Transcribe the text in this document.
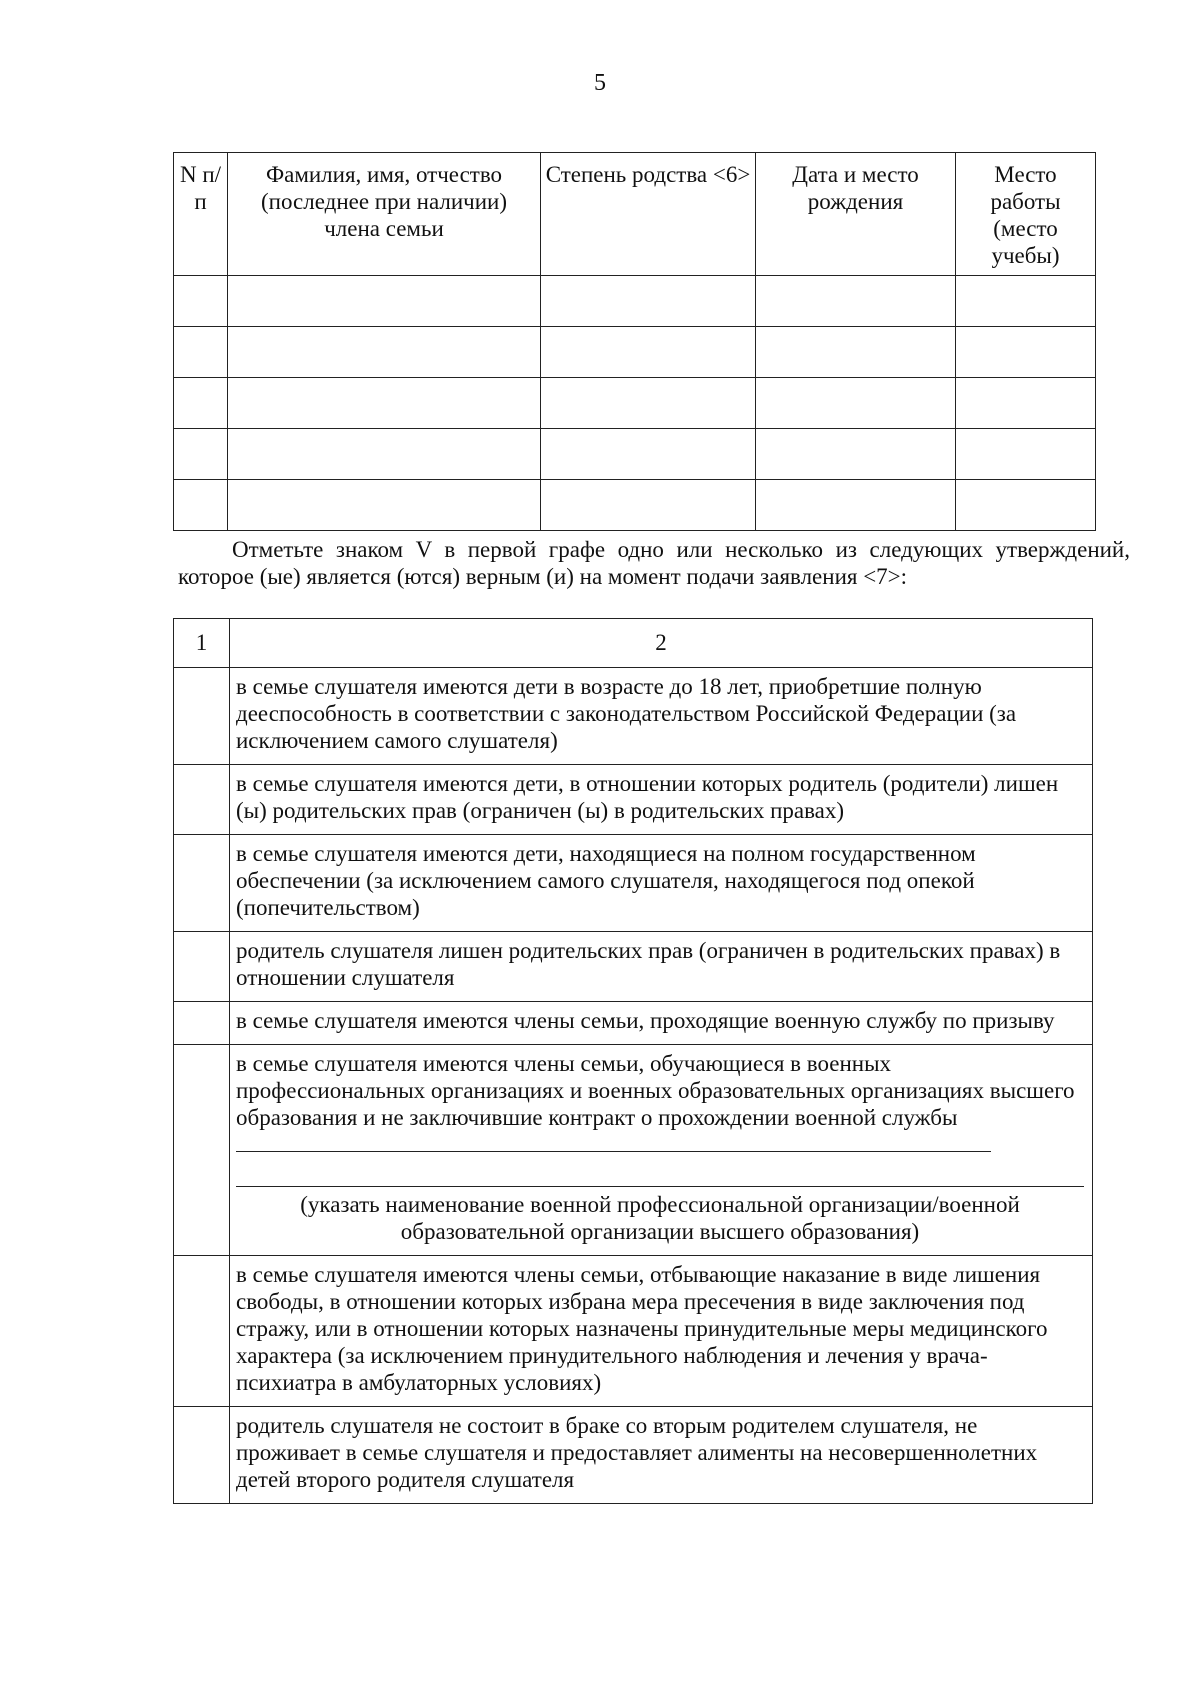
5
N п/п	Фамилия, имя, отчество (последнее при наличии) члена семьи	Степень родства <6>	Дата и место рождения	Место работы (место учебы)

Отметьте знаком V в первой графе одно или несколько из следующих утверждений, которое (ые) является (ются) верным (и) на момент подачи заявления <7>:
1	2
	в семье слушателя имеются дети в возрасте до 18 лет, приобретшие полную дееспособность в соответствии с законодательством Российской Федерации (за исключением самого слушателя)
	в семье слушателя имеются дети, в отношении которых родитель (родители) лишен (ы) родительских прав (ограничен (ы) в родительских правах)
	в семье слушателя имеются дети, находящиеся на полном государственном обеспечении (за исключением самого слушателя, находящегося под опекой (попечительством)
	родитель слушателя лишен родительских прав (ограничен в родительских правах) в отношении слушателя
	в семье слушателя имеются члены семьи, проходящие военную службу по призыву
	в семье слушателя имеются члены семьи, обучающиеся в военных профессиональных организациях и военных образовательных организациях высшего образования и не заключившие контракт о прохождении военной службы
(указать наименование военной профессиональной организации/военной образовательной организации высшего образования)

	в семье слушателя имеются члены семьи, отбывающие наказание в виде лишения свободы, в отношении которых избрана мера пресечения в виде заключения под стражу, или в отношении которых назначены принудительные меры медицинского характера (за исключением принудительного наблюдения и лечения у врача-психиатра в амбулаторных условиях)
	родитель слушателя не состоит в браке со вторым родителем слушателя, не проживает в семье слушателя и предоставляет алименты на несовершеннолетних детей второго родителя слушателя
